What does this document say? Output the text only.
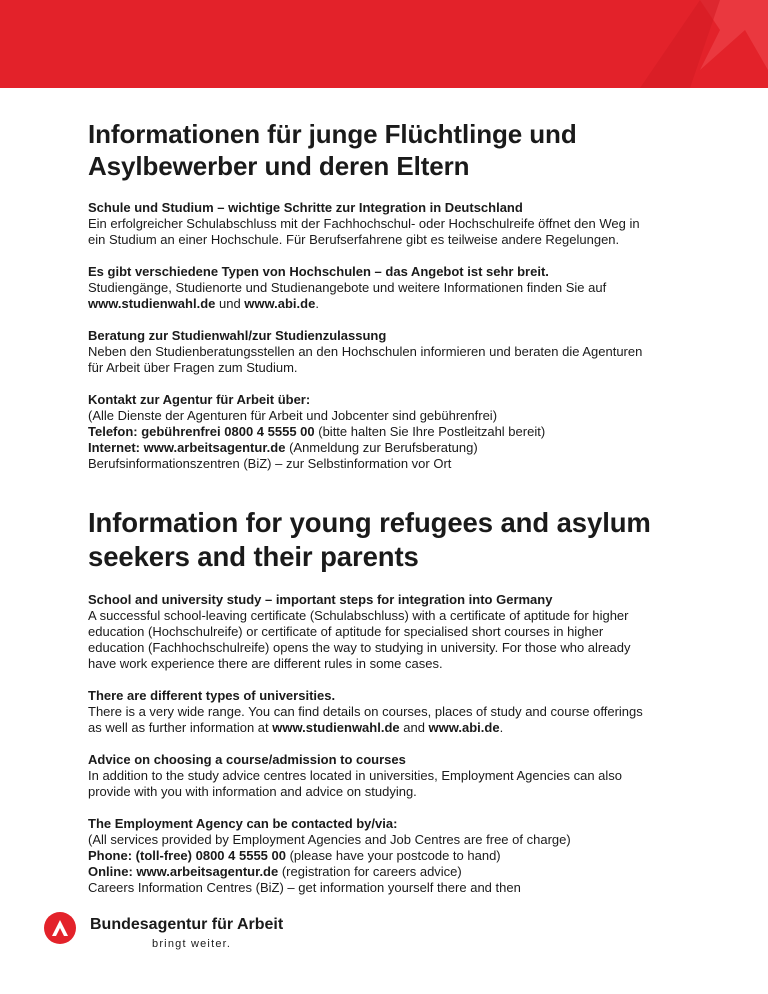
Informationen für junge Flüchtlinge und
Asylbewerber und deren Eltern
Schule und Studium – wichtige Schritte zur Integration in Deutschland
Ein erfolgreicher Schulabschluss mit der Fachhochschul- oder Hochschulreife öffnet den Weg in
ein Studium an einer Hochschule. Für Berufserfahrene gibt es teilweise andere Regelungen.
Es gibt verschiedene Typen von Hochschulen – das Angebot ist sehr breit.
Studiengänge, Studienorte und Studienangebote und weitere Informationen finden Sie auf
www.studienwahl.de und www.abi.de.
Beratung zur Studienwahl/zur Studienzulassung
Neben den Studienberatungsstellen an den Hochschulen informieren und beraten die Agenturen
für Arbeit über Fragen zum Studium.
Kontakt zur Agentur für Arbeit über:
(Alle Dienste der Agenturen für Arbeit und Jobcenter sind gebührenfrei)
Telefon: gebührenfrei 0800 4 5555 00 (bitte halten Sie Ihre Postleitzahl bereit)
Internet: www.arbeitsagentur.de (Anmeldung zur Berufsberatung)
Berufsinformationszentren (BiZ) – zur Selbstinformation vor Ort
Information for young refugees and asylum
seekers and their parents
School and university study – important steps for integration into Germany
A successful school-leaving certificate (Schulabschluss) with a certificate of aptitude for higher
education (Hochschulreife) or certificate of aptitude for specialised short courses in higher
education (Fachhochschulreife) opens the way to studying in university. For those who already
have work experience there are different rules in some cases.
There are different types of universities.
There is a very wide range. You can find details on courses, places of study and course offerings
as well as further information at www.studienwahl.de and www.abi.de.
Advice on choosing a course/admission to courses
In addition to the study advice centres located in universities, Employment Agencies can also
provide with you with information and advice on studying.
The Employment Agency can be contacted by/via:
(All services provided by Employment Agencies and Job Centres are free of charge)
Phone: (toll-free) 0800 4 5555 00 (please have your postcode to hand)
Online: www.arbeitsagentur.de (registration for careers advice)
Careers Information Centres (BiZ) – get information yourself there and then
Bundesagentur für Arbeit
bringt weiter.
